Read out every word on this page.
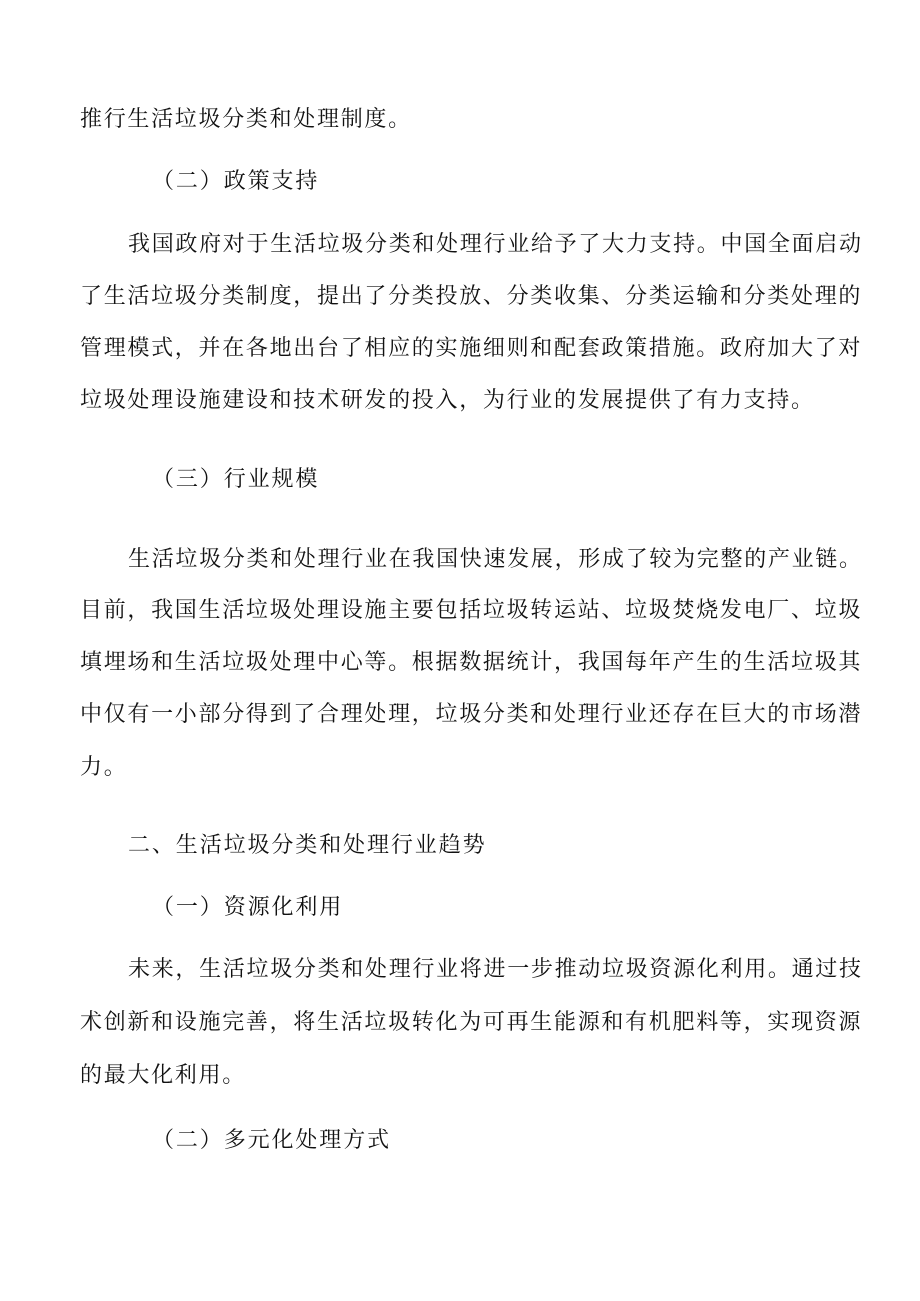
推行生活垃圾分类和处理制度。
（二）政策支持
我国政府对于生活垃圾分类和处理行业给予了大力支持。中国全面启动
了生活垃圾分类制度，提出了分类投放、分类收集、分类运输和分类处理的
管理模式，并在各地出台了相应的实施细则和配套政策措施。政府加大了对
垃圾处理设施建设和技术研发的投入，为行业的发展提供了有力支持。
（三）行业规模
生活垃圾分类和处理行业在我国快速发展，形成了较为完整的产业链。
目前，我国生活垃圾处理设施主要包括垃圾转运站、垃圾焚烧发电厂、垃圾
填埋场和生活垃圾处理中心等。根据数据统计，我国每年产生的生活垃圾其
中仅有一小部分得到了合理处理，垃圾分类和处理行业还存在巨大的市场潜
力。
二、生活垃圾分类和处理行业趋势
（一）资源化利用
未来，生活垃圾分类和处理行业将进一步推动垃圾资源化利用。通过技
术创新和设施完善，将生活垃圾转化为可再生能源和有机肥料等，实现资源
的最大化利用。
（二）多元化处理方式
